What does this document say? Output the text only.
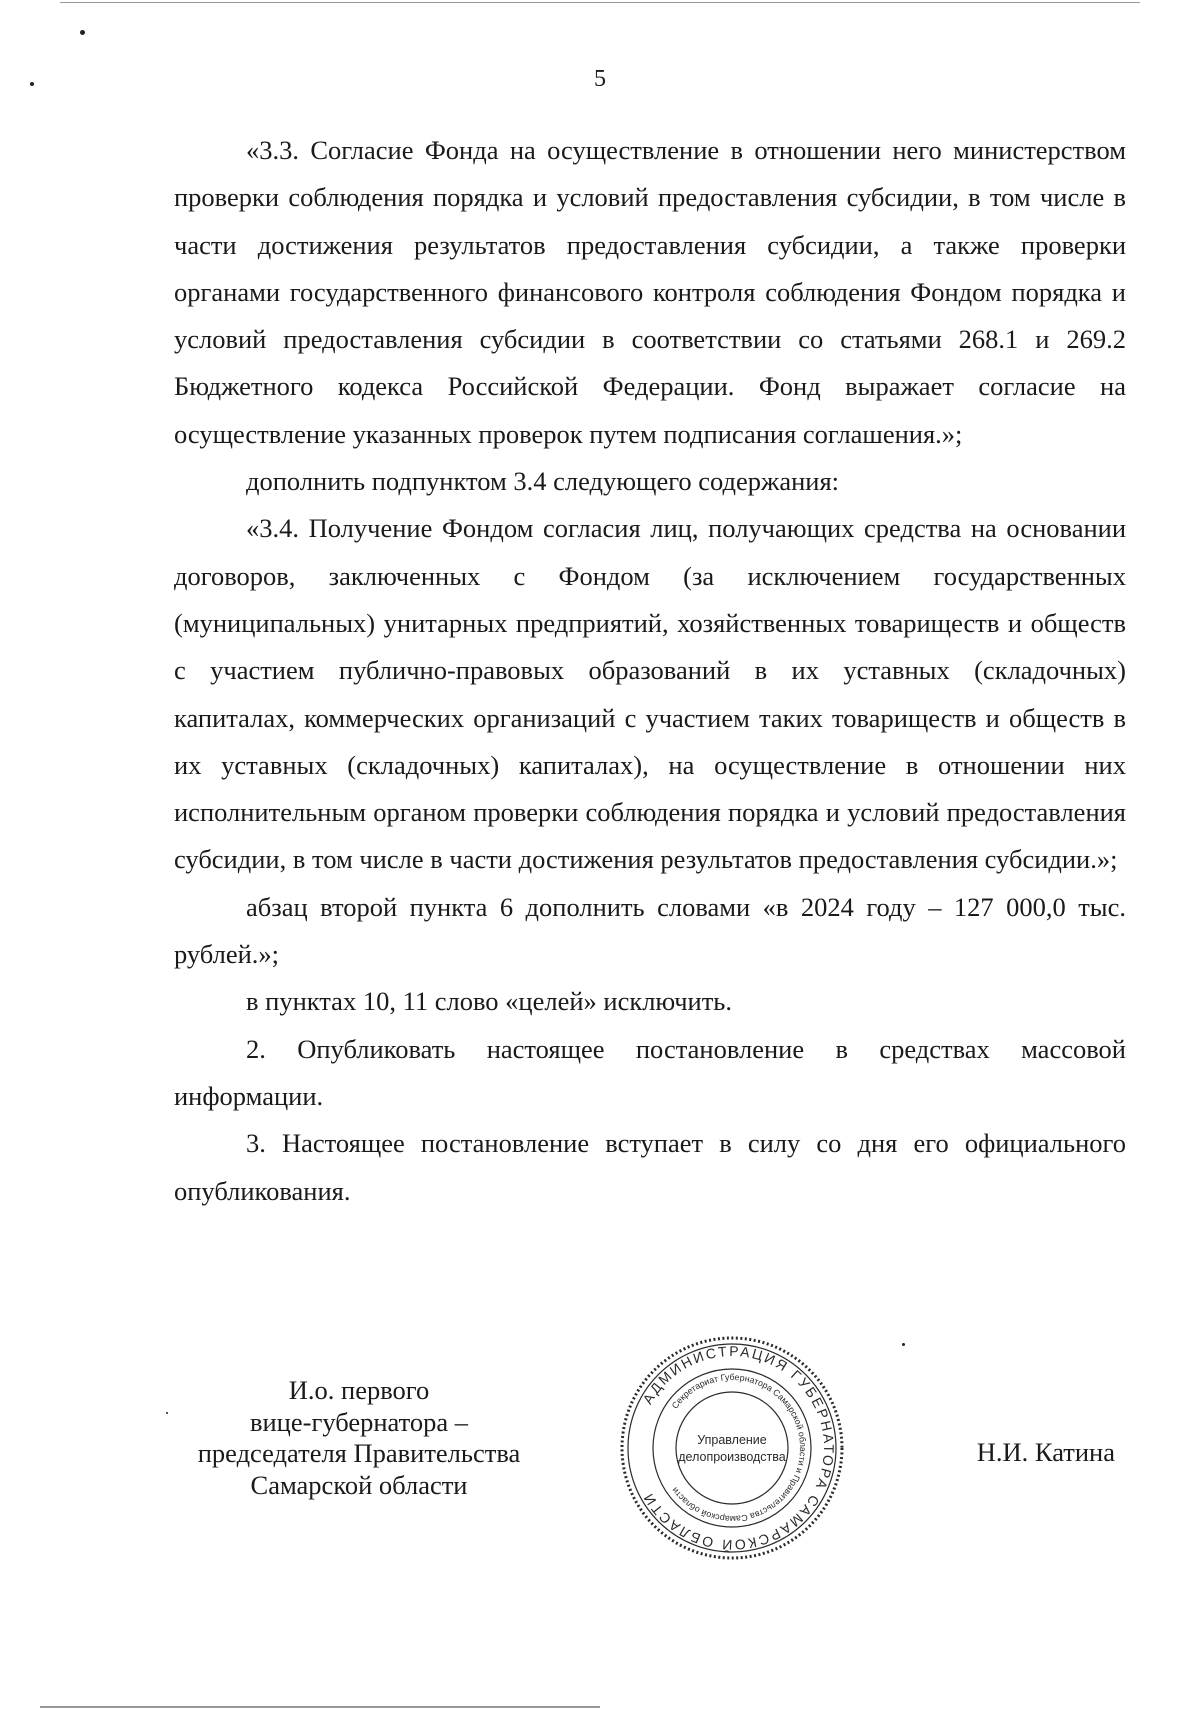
5

«3.3. Согласие Фонда на осуществление в отношении него министерством проверки соблюдения порядка и условий предоставления субсидии, в том числе в части достижения результатов предоставления субсидии, а также проверки органами государственного финансового контроля соблюдения Фондом порядка и условий предоставления субсидии в соответствии со статьями 268.1 и 269.2 Бюджетного кодекса Российской Федерации. Фонд выражает согласие на осуществление указанных проверок путем подписания соглашения.»;

дополнить подпунктом 3.4 следующего содержания:

«3.4. Получение Фондом согласия лиц, получающих средства на основании договоров, заключенных с Фондом (за исключением государственных (муниципальных) унитарных предприятий, хозяйственных товариществ и обществ с участием публично-правовых образований в их уставных (складочных) капиталах, коммерческих организаций с участием таких товариществ и обществ в их уставных (складочных) капиталах), на осуществление в отношении них исполнительным органом проверки соблюдения порядка и условий предоставления субсидии, в том числе в части достижения результатов предоставления субсидии.»;

абзац второй пункта 6 дополнить словами «в 2024 году – 127 000,0 тыс. рублей.»;

в пунктах 10, 11 слово «целей» исключить.

2. Опубликовать настоящее постановление в средствах массовой информации.

3. Настоящее постановление вступает в силу со дня его официального опубликования.

И.о. первого
вице-губернатора –
председателя Правительства
Самарской области
Н.И. Катина
АДМИНИСТРАЦИЯ ГУБЕРНАТОРА САМАРСКОЙ ОБЛАСТИ
Секретариат Губернатора Самарской области и Правительства Самарской области
Управление
делопроизводства
